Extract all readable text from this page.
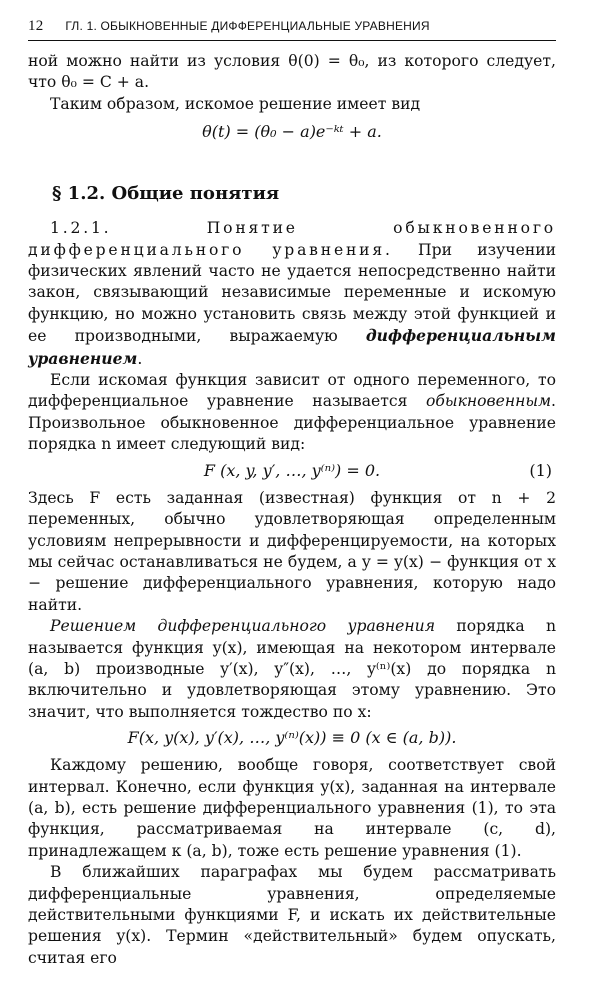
12 ГЛ. 1. ОБЫКНОВЕННЫЕ ДИФФЕРЕНЦИАЛЬНЫЕ УРАВНЕНИЯ

ной можно найти из условия θ(0) = θ₀, из которого следует, что θ₀ = C + a.

Таким образом, искомое решение имеет вид

θ(t) = (θ₀ − a)e⁻ᵏᵗ + a.
§ 1.2. Общие понятия

1.2.1. Понятие обыкновенного дифференциального уравнения. При изучении физических явлений часто не удается непосредственно найти закон, связывающий независимые переменные и искомую функцию, но можно установить связь между этой функцией и ее производными, выражаемую дифференциальным уравнением.

Если искомая функция зависит от одного переменного, то дифференциальное уравнение называется обыкновенным. Произвольное обыкновенное дифференциальное уравнение порядка n имеет следующий вид:

F (x, y, y′, …, y⁽ⁿ⁾) = 0.	(1)

Здесь F есть заданная (известная) функция от n + 2 переменных, обычно удовлетворяющая определенным условиям непрерывности и дифференцируемости, на которых мы сейчас останавливаться не будем, а y = y(x) − функция от x − решение дифференциального уравнения, которую надо найти.

Решением дифференциального уравнения порядка n называется функция y(x), имеющая на некотором интервале (a, b) производные y′(x), y″(x), …, y⁽ⁿ⁾(x) до порядка n включительно и удовлетворяющая этому уравнению. Это значит, что выполняется тождество по x:

F(x, y(x), y′(x), …, y⁽ⁿ⁾(x)) ≡ 0 (x ∈ (a, b)).

Каждому решению, вообще говоря, соответствует свой интервал. Конечно, если функция y(x), заданная на интервале (a, b), есть решение дифференциального уравнения (1), то эта функция, рассматриваемая на интервале (c, d), принадлежащем к (a, b), тоже есть решение уравнения (1).

В ближайших параграфах мы будем рассматривать дифференциальные уравнения, определяемые действительными функциями F, и искать их действительные решения y(x). Термин «действительный» будем опускать, считая его
